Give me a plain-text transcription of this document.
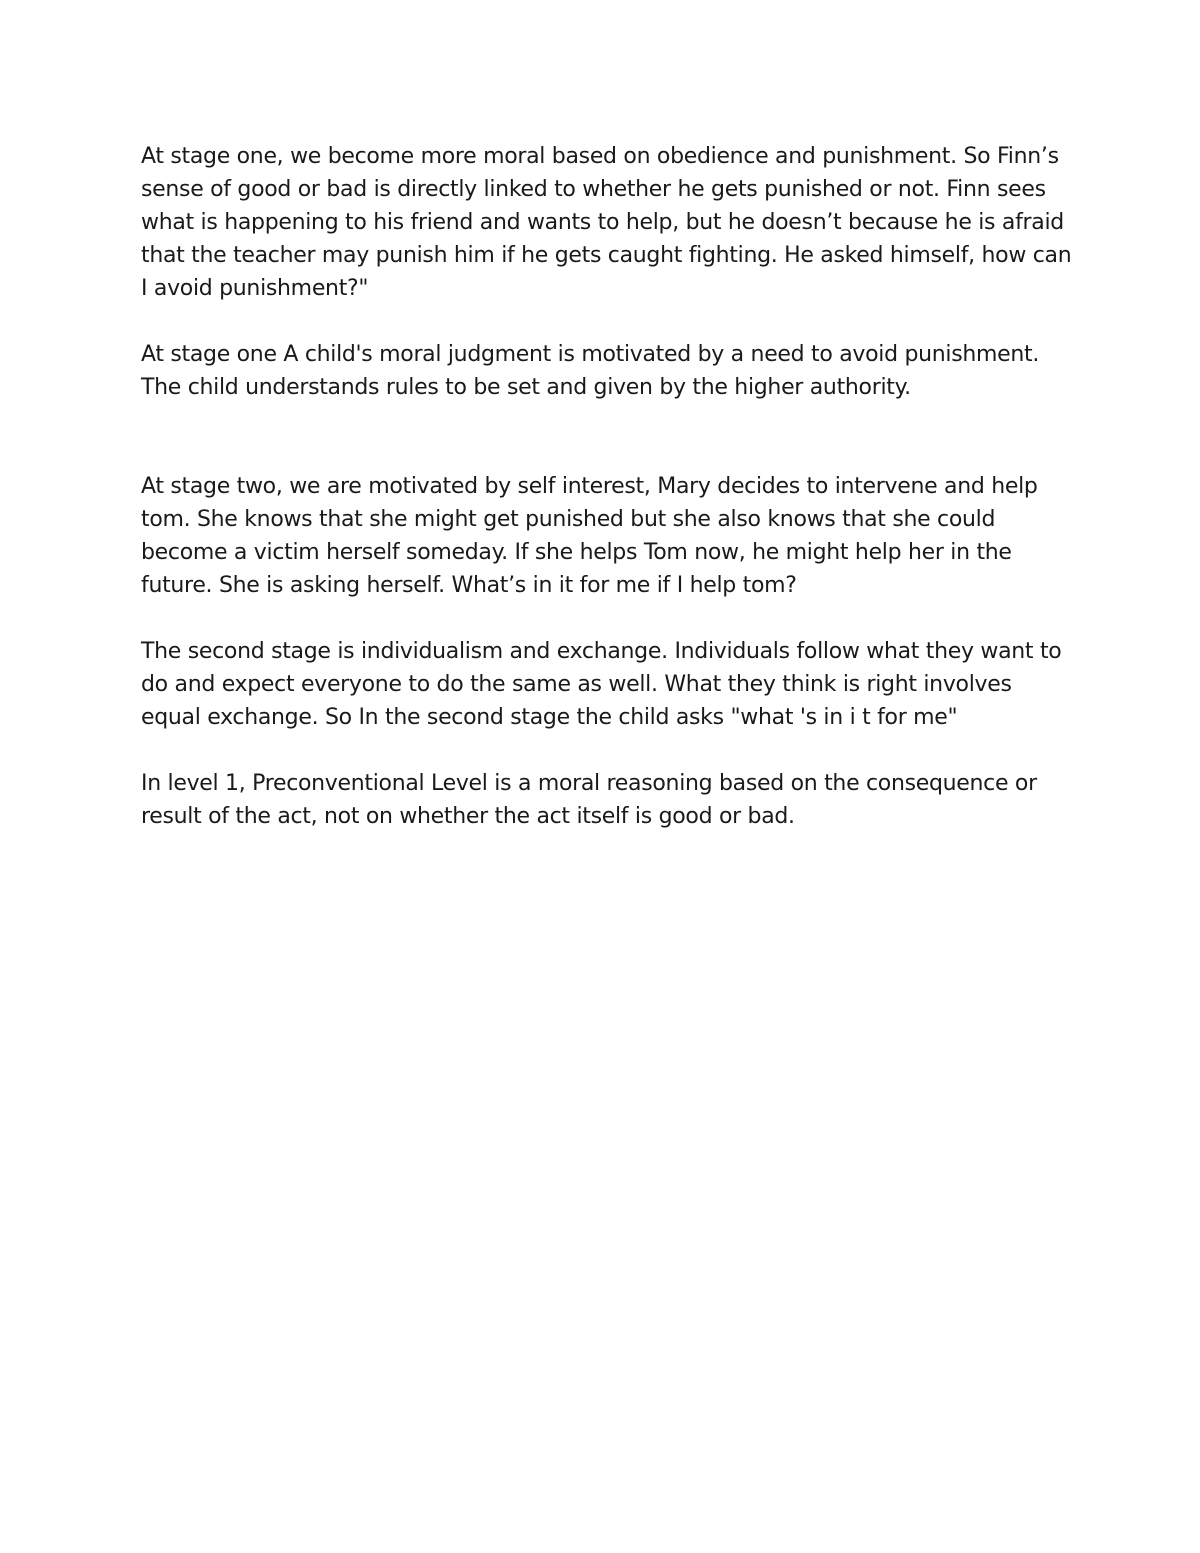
At stage one, we become more moral based on obedience and punishment. So Finn’s sense of good or bad is directly linked to whether he gets punished or not. Finn sees what is happening to his friend and wants to help, but he doesn’t because he is afraid that the teacher may punish him if he gets caught fighting. He asked himself, how can I avoid punishment?"

At stage one A child's moral judgment is motivated by a need to avoid punishment. The child understands rules to be set and given by the higher authority.

At stage two, we are motivated by self interest, Mary decides to intervene and help tom. She knows that she might get punished but she also knows that she could become a victim herself someday. If she helps Tom now, he might help her in the future. She is asking herself. What’s in it for me if I help tom?

The second stage is individualism and exchange. Individuals follow what they want to do and expect everyone to do the same as well. What they think is right involves equal exchange. So In the second stage the child asks "what 's in i t for me"

In level 1, Preconventional Level is a moral reasoning based on the consequence or result of the act, not on whether the act itself is good or bad.
